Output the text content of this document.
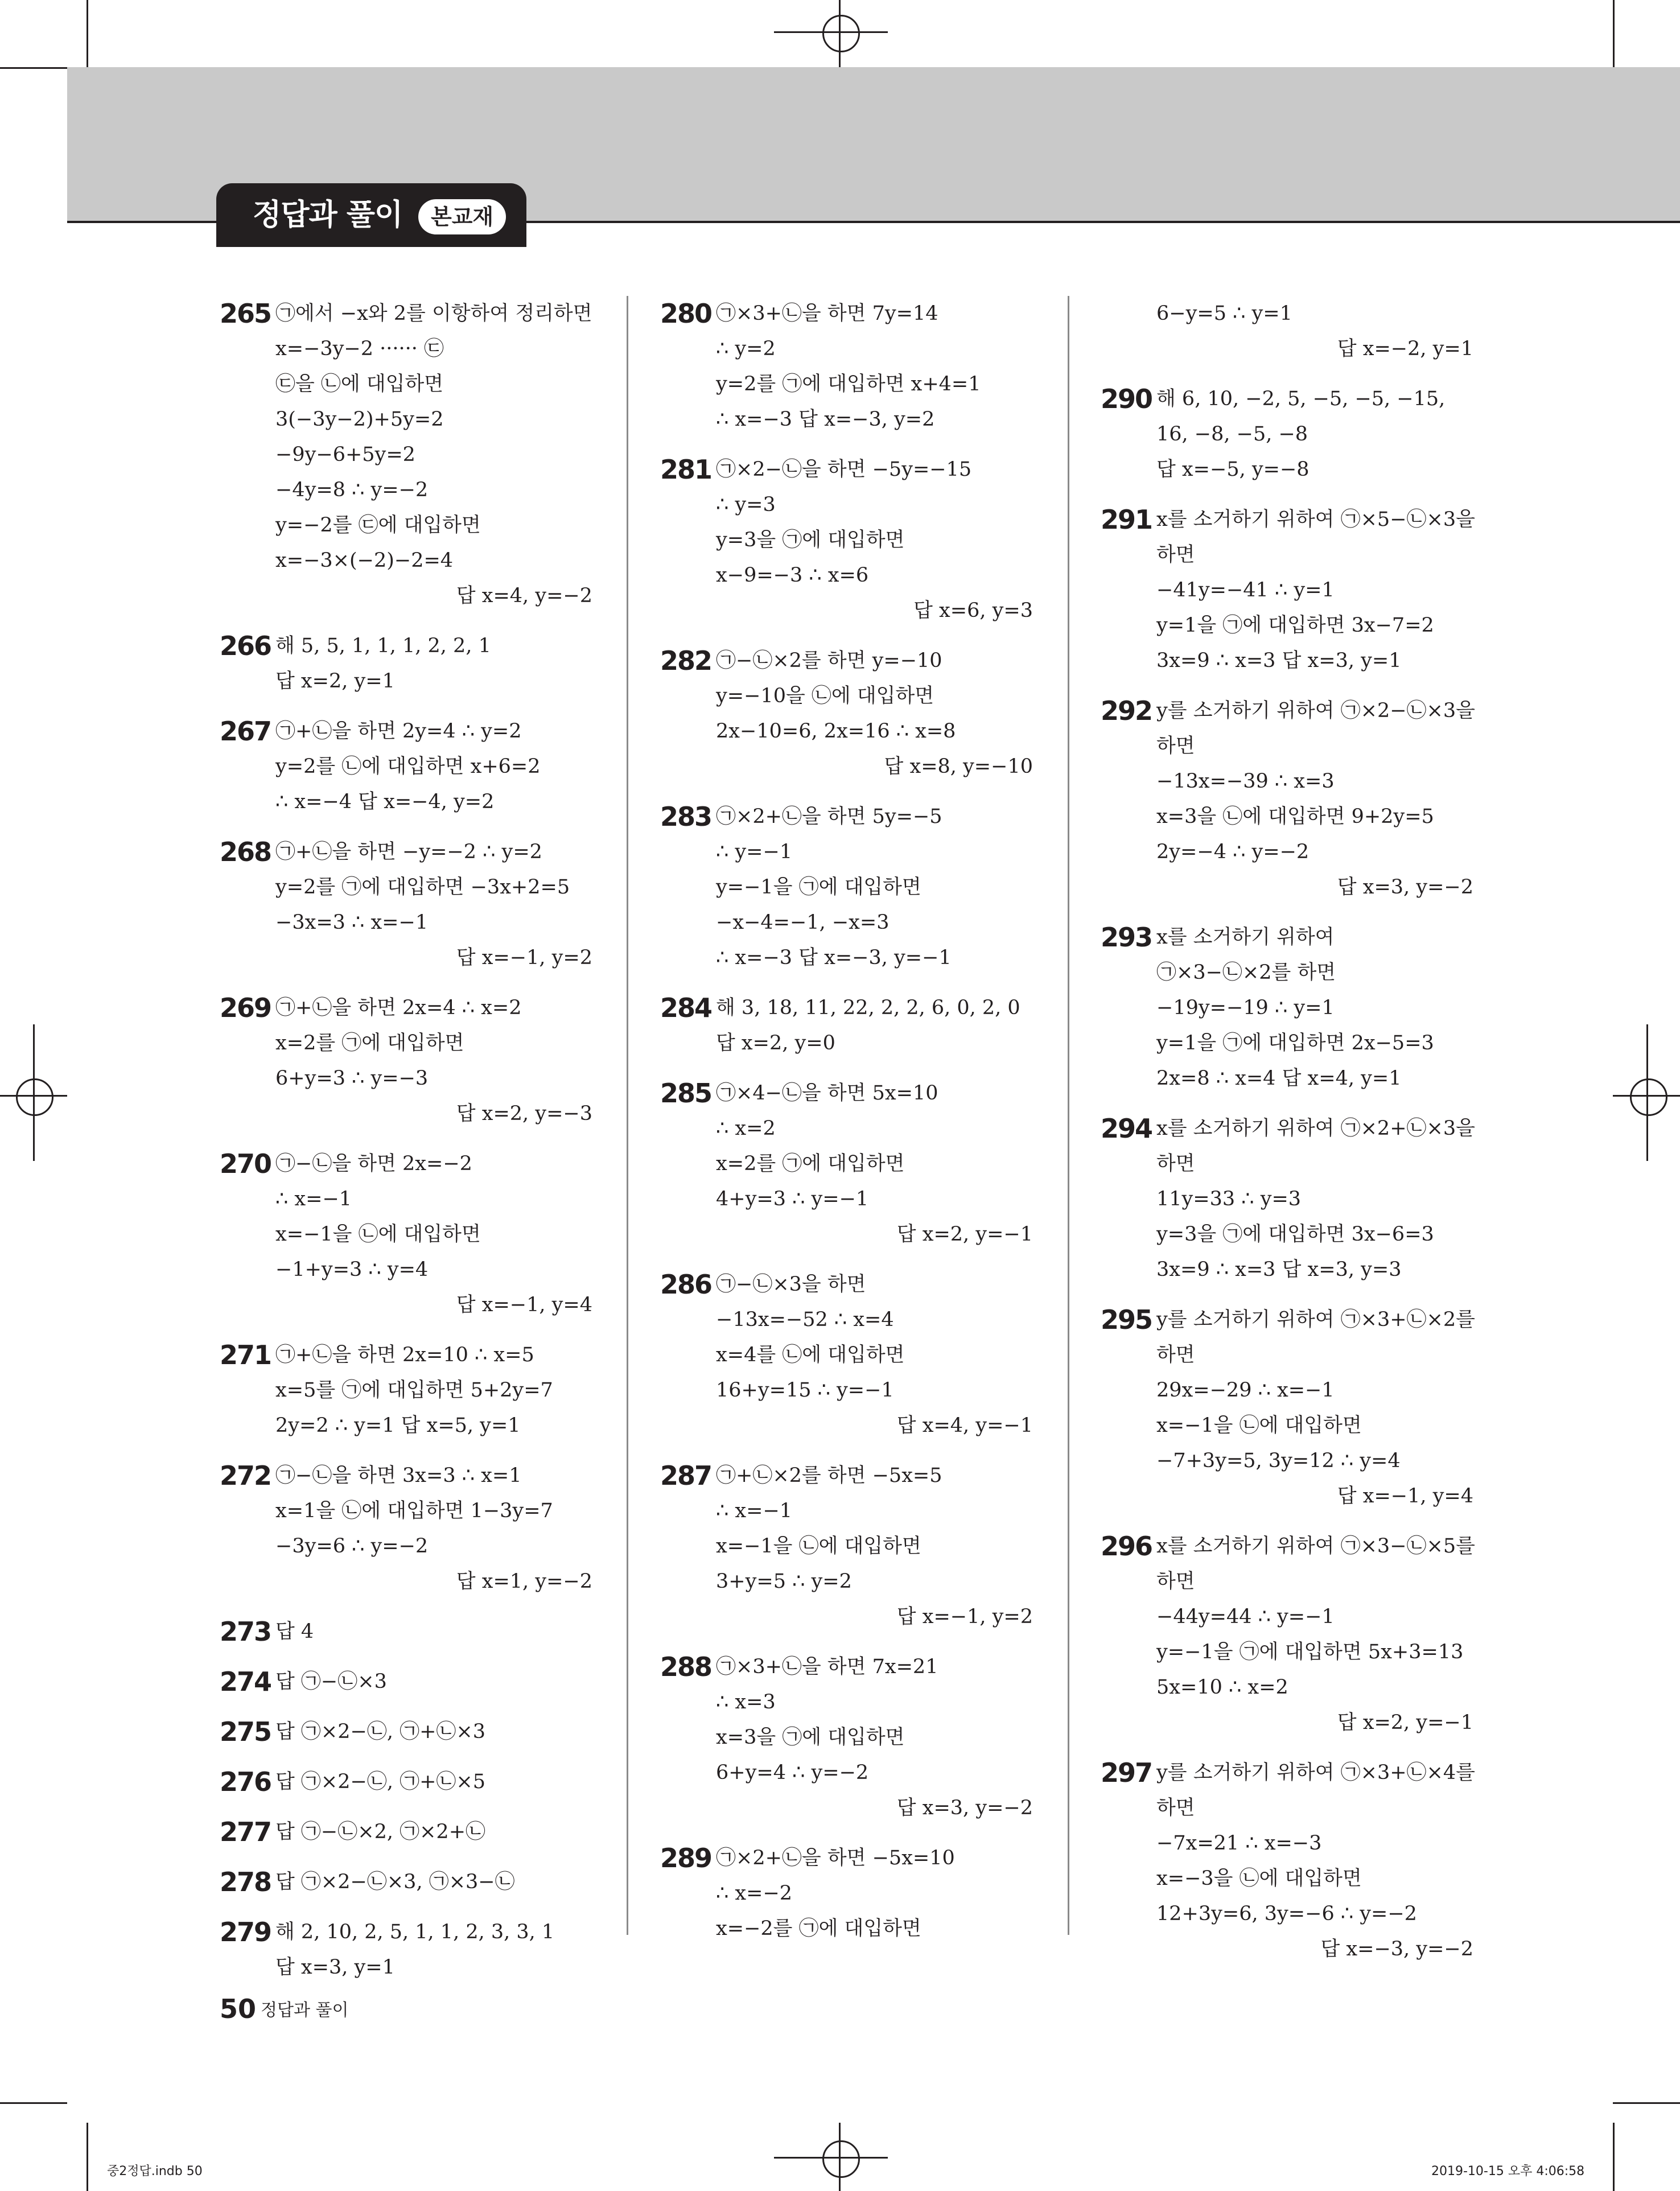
정답과 풀이	본교재
265 ㉠에서 −x와 2를 이항하여 정리하면
x=−3y−2 ······ ㉢
㉢을 ㉡에 대입하면
3(−3y−2)+5y=2
−9y−6+5y=2
−4y=8 ∴ y=−2
y=−2를 ㉢에 대입하면
x=−3×(−2)−2=4
답 x=4, y=−2
266 해 5, 5, 1, 1, 1, 2, 2, 1
답 x=2, y=1
267 ㉠+㉡을 하면 2y=4 ∴ y=2
y=2를 ㉡에 대입하면 x+6=2
∴ x=−4 답 x=−4, y=2
268 ㉠+㉡을 하면 −y=−2 ∴ y=2
y=2를 ㉠에 대입하면 −3x+2=5
−3x=3 ∴ x=−1
답 x=−1, y=2
269 ㉠+㉡을 하면 2x=4 ∴ x=2
x=2를 ㉠에 대입하면
6+y=3 ∴ y=−3
답 x=2, y=−3
270 ㉠−㉡을 하면 2x=−2
∴ x=−1
x=−1을 ㉡에 대입하면
−1+y=3 ∴ y=4
답 x=−1, y=4
271 ㉠+㉡을 하면 2x=10 ∴ x=5
x=5를 ㉠에 대입하면 5+2y=7
2y=2 ∴ y=1 답 x=5, y=1
272 ㉠−㉡을 하면 3x=3 ∴ x=1
x=1을 ㉡에 대입하면 1−3y=7
−3y=6 ∴ y=−2
답 x=1, y=−2
273 답 4
274 답 ㉠−㉡×3
275 답 ㉠×2−㉡, ㉠+㉡×3
276 답 ㉠×2−㉡, ㉠+㉡×5
277 답 ㉠−㉡×2, ㉠×2+㉡
278 답 ㉠×2−㉡×3, ㉠×3−㉡
279 해 2, 10, 2, 5, 1, 1, 2, 3, 3, 1
답 x=3, y=1
280 ㉠×3+㉡을 하면 7y=14
∴ y=2
y=2를 ㉠에 대입하면 x+4=1
∴ x=−3 답 x=−3, y=2
281 ㉠×2−㉡을 하면 −5y=−15
∴ y=3
y=3을 ㉠에 대입하면
x−9=−3 ∴ x=6
답 x=6, y=3
282 ㉠−㉡×2를 하면 y=−10
y=−10을 ㉡에 대입하면
2x−10=6, 2x=16 ∴ x=8
답 x=8, y=−10
283 ㉠×2+㉡을 하면 5y=−5
∴ y=−1
y=−1을 ㉠에 대입하면
−x−4=−1, −x=3
∴ x=−3 답 x=−3, y=−1
284 해 3, 18, 11, 22, 2, 2, 6, 0, 2, 0
답 x=2, y=0
285 ㉠×4−㉡을 하면 5x=10
∴ x=2
x=2를 ㉠에 대입하면
4+y=3 ∴ y=−1
답 x=2, y=−1
286 ㉠−㉡×3을 하면
−13x=−52 ∴ x=4
x=4를 ㉡에 대입하면
16+y=15 ∴ y=−1
답 x=4, y=−1
287 ㉠+㉡×2를 하면 −5x=5
∴ x=−1
x=−1을 ㉡에 대입하면
3+y=5 ∴ y=2
답 x=−1, y=2
288 ㉠×3+㉡을 하면 7x=21
∴ x=3
x=3을 ㉠에 대입하면
6+y=4 ∴ y=−2
답 x=3, y=−2
289 ㉠×2+㉡을 하면 −5x=10
∴ x=−2
x=−2를 ㉠에 대입하면
6−y=5 ∴ y=1
답 x=−2, y=1
290 해 6, 10, −2, 5, −5, −5, −15,
16, −8, −5, −8
답 x=−5, y=−8
291 x를 소거하기 위하여 ㉠×5−㉡×3을
하면
−41y=−41 ∴ y=1
y=1을 ㉠에 대입하면 3x−7=2
3x=9 ∴ x=3 답 x=3, y=1
292 y를 소거하기 위하여 ㉠×2−㉡×3을
하면
−13x=−39 ∴ x=3
x=3을 ㉡에 대입하면 9+2y=5
2y=−4 ∴ y=−2
답 x=3, y=−2
293 x를 소거하기 위하여
㉠×3−㉡×2를 하면
−19y=−19 ∴ y=1
y=1을 ㉠에 대입하면 2x−5=3
2x=8 ∴ x=4 답 x=4, y=1
294 x를 소거하기 위하여 ㉠×2+㉡×3을
하면
11y=33 ∴ y=3
y=3을 ㉠에 대입하면 3x−6=3
3x=9 ∴ x=3 답 x=3, y=3
295 y를 소거하기 위하여 ㉠×3+㉡×2를
하면
29x=−29 ∴ x=−1
x=−1을 ㉡에 대입하면
−7+3y=5, 3y=12 ∴ y=4
답 x=−1, y=4
296 x를 소거하기 위하여 ㉠×3−㉡×5를
하면
−44y=44 ∴ y=−1
y=−1을 ㉠에 대입하면 5x+3=13
5x=10 ∴ x=2
답 x=2, y=−1
297 y를 소거하기 위하여 ㉠×3+㉡×4를
하면
−7x=21 ∴ x=−3
x=−3을 ㉡에 대입하면
12+3y=6, 3y=−6 ∴ y=−2
답 x=−3, y=−2
50 정답과 풀이
중2정답.indb 50	2019-10-15 오후 4:06:58
